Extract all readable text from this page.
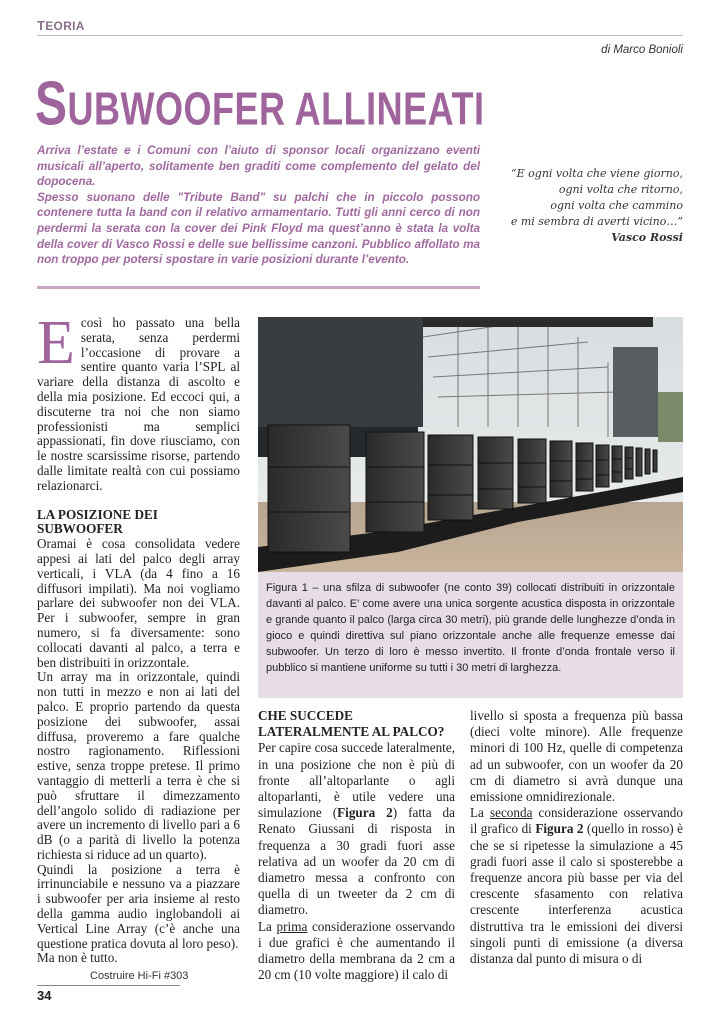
TEORIA
di Marco Bonioli
SUBWOOFER ALLINEATI

Arriva l’estate e i Comuni con l’aiuto di sponsor locali organizzano eventi musicali all’aperto, solitamente ben graditi come complemento del gelato del dopocena.

Spesso suonano delle "Tribute Band" su palchi che in piccolo possono contenere tutta la band con il relativo armamentario. Tutti gli anni cerco di non perdermi la serata con la cover dei Pink Floyd ma quest’anno è stata la volta della cover di Vasco Rossi e delle sue bellissime canzoni. Pubblico affollato ma non troppo per potersi spostare in varie posizioni durante l’evento.

“E ogni volta che viene giorno,
ogni volta che ritorno,
ogni volta che cammino
e mi sembra di averti vicino…”
Vasco Rossi

Ecosì ho passato una bella serata, senza perdermi l’occasione di provare a sentire quanto varia l’SPL al variare della distanza di ascolto e della mia posizione. Ed eccoci qui, a discuterne tra noi che non siamo professionisti ma semplici appassionati, fin dove riusciamo, con le nostre scarsissime risorse, partendo dalle limitate realtà con cui possiamo relazionarci.

LA POSIZIONE DEI SUBWOOFER

Oramai è cosa consolidata vedere appesi ai lati del palco degli array verticali, i VLA (da 4 fino a 16 diffusori impilati). Ma noi vogliamo parlare dei subwoofer non dei VLA. Per i subwoofer, sempre in gran numero, si fa diversamente: sono collocati davanti al palco, a terra e ben distribuiti in orizzontale.

Un array ma in orizzontale, quindi non tutti in mezzo e non ai lati del palco. E proprio partendo da questa posizione dei subwoofer, assai diffusa, proveremo a fare qualche nostro ragionamento. Riflessioni estive, senza troppe pretese. Il primo vantaggio di metterli a terra è che si può sfruttare il dimezzamento dell’angolo solido di radiazione per avere un incremento di livello pari a 6 dB (o a parità di livello la potenza richiesta si riduce ad un quarto).

Quindi la posizione a terra è irrinunciabile e nessuno va a piazzare i subwoofer per aria insieme al resto della gamma audio inglobandoli ai Vertical Line Array (c’è anche una questione pratica dovuta al loro peso).

Ma non è tutto.

Figura 1 – una sfilza di subwoofer (ne conto 39) collocati distribuiti in orizzontale davanti al palco. E’ come avere una unica sorgente acustica disposta in orizzontale e grande quanto il palco (larga circa 30 metri), più grande delle lunghezze d’onda in gioco e quindi direttiva sul piano orizzontale anche alle frequenze emesse dai subwoofer. Un terzo di loro è messo invertito. Il fronte d’onda frontale verso il pubblico si mantiene uniforme su tutti i 30 metri di larghezza.
CHE SUCCEDE
LATERALMENTE AL PALCO?

Per capire cosa succede lateralmente, in una posizione che non è più di fronte all’altoparlante o agli altoparlanti, è utile vedere una simulazione (Figura 2) fatta da Renato Giussani di risposta in frequenza a 30 gradi fuori asse relativa ad un woofer da 20 cm di diametro messa a confronto con quella di un tweeter da 2 cm di diametro.

La prima considerazione osservando i due grafici è che aumentando il diametro della membrana da 2 cm a 20 cm (10 volte maggiore) il calo di

livello si sposta a frequenza più bassa (dieci volte minore). Alle frequenze minori di 100 Hz, quelle di competenza ad un subwoofer, con un woofer da 20 cm di diametro si avrà dunque una emissione omnidirezionale.

La seconda considerazione osservando il grafico di Figura 2 (quello in rosso) è che se si ripetesse la simulazione a 45 gradi fuori asse il calo si sposterebbe a frequenze ancora più basse per via del crescente sfasamento con relativa crescente interferenza acustica distruttiva tra le emissioni dei diversi singoli punti di emissione (a diversa distanza dal punto di misura o di

Costruire Hi-Fi #303
34
